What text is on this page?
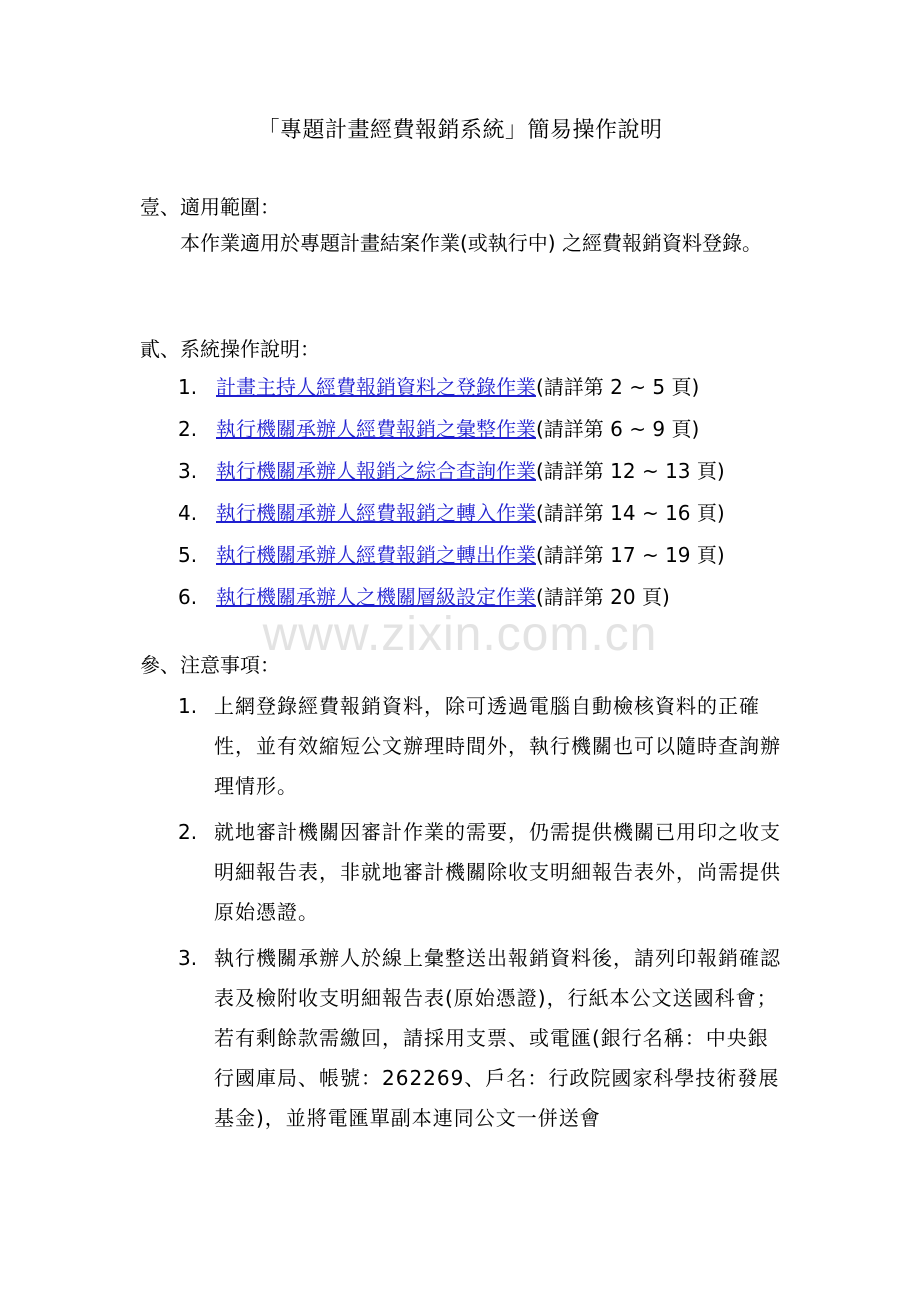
「專題計畫經費報銷系統」簡易操作說明
壹、適用範圍：
本作業適用於專題計畫結案作業(或執行中) 之經費報銷資料登錄。
貳、系統操作說明：
1. 計畫主持人經費報銷資料之登錄作業(請詳第 2 ~ 5 頁)
2. 執行機關承辦人經費報銷之彙整作業(請詳第 6 ~ 9 頁)
3. 執行機關承辦人報銷之綜合查詢作業(請詳第 12 ~ 13 頁)
4. 執行機關承辦人經費報銷之轉入作業(請詳第 14 ~ 16 頁)
5. 執行機關承辦人經費報銷之轉出作業(請詳第 17 ~ 19 頁)
6. 執行機關承辦人之機關層級設定作業(請詳第 20 頁)
www.zixin.com.cn
參、注意事項：
1. 上網登錄經費報銷資料，除可透過電腦自動檢核資料的正確性，並有效縮短公文辦理時間外，執行機關也可以隨時查詢辦理情形。
2. 就地審計機關因審計作業的需要，仍需提供機關已用印之收支明細報告表，非就地審計機關除收支明細報告表外，尚需提供原始憑證。
3. 執行機關承辦人於線上彙整送出報銷資料後，請列印報銷確認表及檢附收支明細報告表(原始憑證)，行紙本公文送國科會；若有剩餘款需繳回，請採用支票、或電匯(銀行名稱：中央銀行國庫局、帳號：262269、戶名：行政院國家科學技術發展基金)，並將電匯單副本連同公文一併送會
